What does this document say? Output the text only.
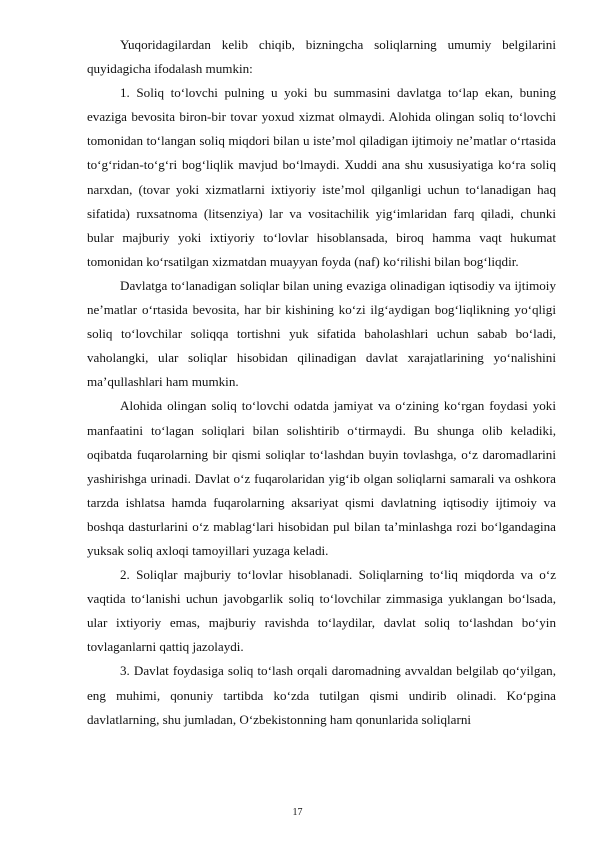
Yuqoridagilardan kelib chiqib, bizningcha soliqlarning umumiy belgilarini quyidagicha ifodalash mumkin:

1. Soliq to‘lovchi pulning u yoki bu summasini davlatga to‘lap ekan, buning evaziga bevosita biron-bir tovar yoxud xizmat olmaydi. Alohida olingan soliq to‘lovchi tomonidan to‘langan soliq miqdori bilan u iste’mol qiladigan ijtimoiy ne’matlar o‘rtasida to‘g‘ridan-to‘g‘ri bog‘liqlik mavjud bo‘lmaydi. Xuddi ana shu xususiyatiga ko‘ra soliq narxdan, (tovar yoki xizmatlarni ixtiyoriy iste’mol qilganligi uchun to‘lanadigan haq sifatida) ruxsatnoma (litsenziya) lar va vositachilik yig‘imlaridan farq qiladi, chunki bular majburiy yoki ixtiyoriy to‘lovlar hisoblansada, biroq hamma vaqt hukumat tomonidan ko‘rsatilgan xizmatdan muayyan foyda (naf) ko‘rilishi bilan bog‘liqdir.

Davlatga to‘lanadigan soliqlar bilan uning evaziga olinadigan iqtisodiy va ijtimoiy ne’matlar o‘rtasida bevosita, har bir kishining ko‘zi ilg‘aydigan bog‘liqlikning yo‘qligi soliq to‘lovchilar soliqqa tortishni yuk sifatida baholashlari uchun sabab bo‘ladi, vaholangki, ular soliqlar hisobidan qilinadigan davlat xarajatlarining yo‘nalishini ma’qullashlari ham mumkin.

Alohida olingan soliq to‘lovchi odatda jamiyat va o‘zining ko‘rgan foydasi yoki manfaatini to‘lagan soliqlari bilan solishtirib o‘tirmaydi. Bu shunga olib keladiki, oqibatda fuqarolarning bir qismi soliqlar to‘lashdan buyin tovlashga, o‘z daromadlarini yashirishga urinadi. Davlat o‘z fuqarolaridan yig‘ib olgan soliqlarni samarali va oshkora tarzda ishlatsa hamda fuqarolarning aksariyat qismi davlatning iqtisodiy ijtimoiy va boshqa dasturlarini o‘z mablag‘lari hisobidan pul bilan ta’minlashga rozi bo‘lgandagina yuksak soliq axloqi tamoyillari yuzaga keladi.

2. Soliqlar majburiy to‘lovlar hisoblanadi. Soliqlarning to‘liq miqdorda va o‘z vaqtida to‘lanishi uchun javobgarlik soliq to‘lovchilar zimmasiga yuklangan bo‘lsada, ular ixtiyoriy emas, majburiy ravishda to‘laydilar, davlat soliq to‘lashdan bo‘yin tovlaganlarni qattiq jazolaydi.

3. Davlat foydasiga soliq to‘lash orqali daromadning avvaldan belgilab qo‘yilgan, eng muhimi, qonuniy tartibda ko‘zda tutilgan qismi undirib olinadi. Ko‘pgina davlatlarning, shu jumladan, O‘zbekistonning ham qonunlarida soliqlarni

17
